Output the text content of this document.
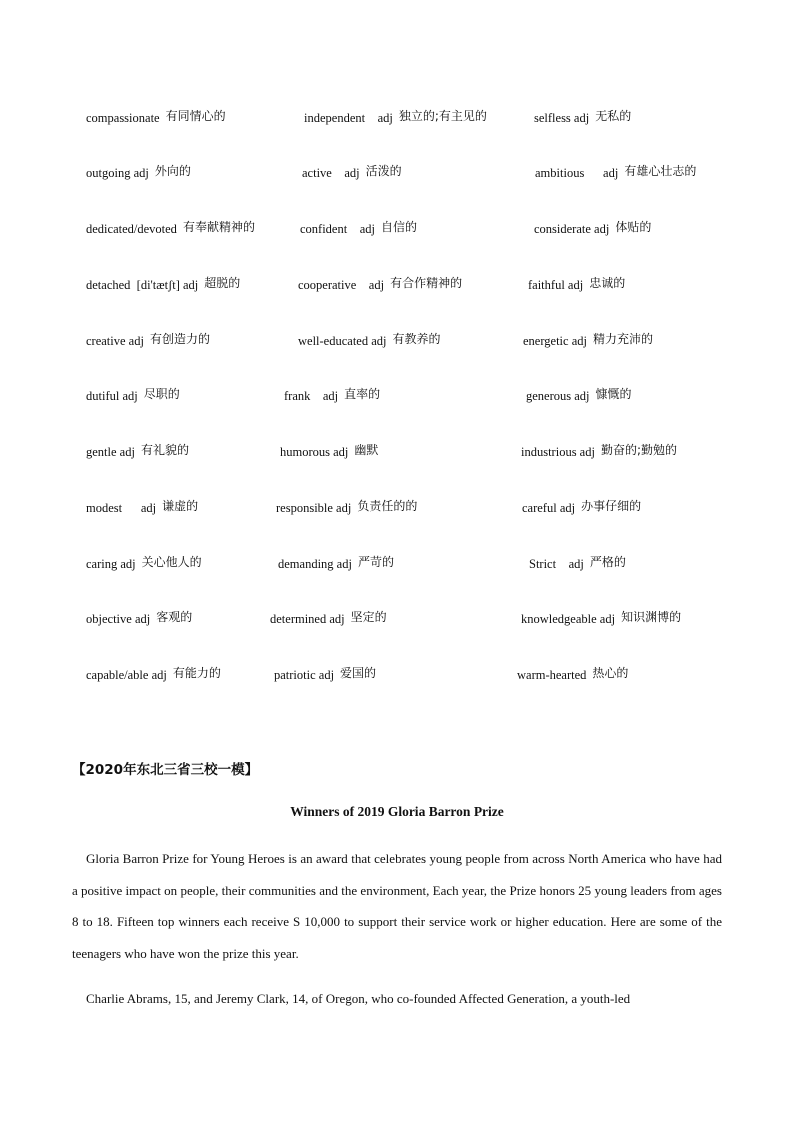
compassionate 有同情心的	independent    adj 独立的;有主见的	selfless adj 无私的
outgoing adj 外向的	active    adj 活泼的	ambitious      adj 有雄心壮志的
dedicated/devoted 有奉献精神的	confident    adj 自信的	considerate adj 体贴的
detached  [di'tætʃt] adj 超脱的	cooperative    adj 有合作精神的	faithful adj 忠诚的
creative adj 有创造力的	well-educated adj 有教养的	energetic adj 精力充沛的
dutiful adj 尽职的	frank    adj 直率的	generous adj 慷慨的
gentle adj 有礼貌的	humorous adj 幽默	industrious adj 勤奋的;勤勉的
modest      adj 谦虚的	responsible adj 负责任的的	careful adj 办事仔细的
caring adj 关心他人的	demanding adj 严苛的	Strict    adj 严格的
objective adj 客观的	determined adj 坚定的	knowledgeable adj 知识渊博的
capable/able adj 有能力的	patriotic adj 爱国的	warm-hearted 热心的
【2020年东北三省三校一模】
Winners of 2019 Gloria Barron Prize
Gloria Barron Prize for Young Heroes is an award that celebrates young people from across North America who have had a positive impact on people, their communities and the environment, Each year, the Prize honors 25 young leaders from ages 8 to 18. Fifteen top winners each receive S 10,000 to support their service work or higher education. Here are some of the teenagers who have won the prize this year.
Charlie Abrams, 15, and Jeremy Clark, 14, of Oregon, who co-founded Affected Generation, a youth-led
